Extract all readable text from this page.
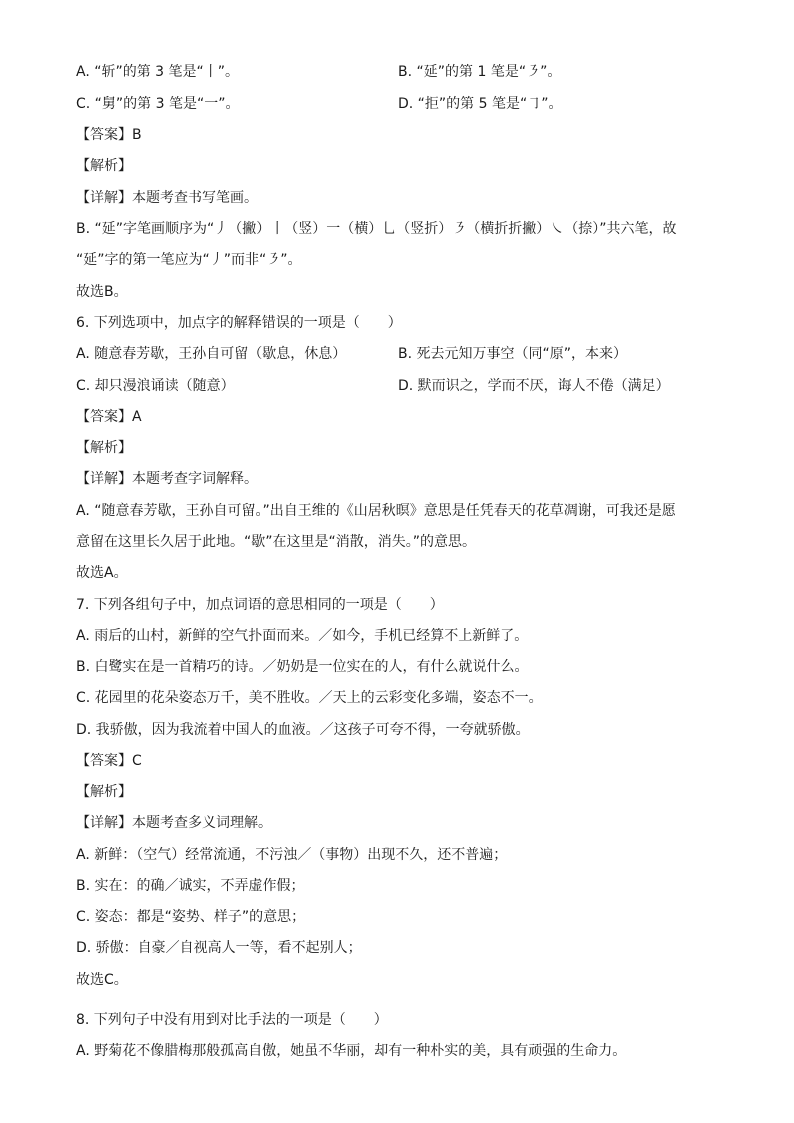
A. “斩”的第 3 笔是“丨”。	B. “延”的第 1 笔是“㇋”。
C. “舅”的第 3 笔是“一”。	D. “拒”的第 5 笔是“㇆”。
【答案】B
【解析】
【详解】本题考查书写笔画。
B. “延”字笔画顺序为“丿（撇）丨（竖）一（横）乚（竖折）㇋（横折折撇）㇏（捺）”共六笔，故
“延”字的第一笔应为“丿”而非“㇋”。
故选B。
6. 下列选项中，加点字的解释错误的一项是（　　）
A. 随意春芳歇，王孙自可留（歇息，休息）	B. 死去元知万事空（同“原”，本来）
C. 却只漫浪诵读（随意）	D. 默而识之，学而不厌，诲人不倦（满足）
【答案】A
【解析】
【详解】本题考查字词解释。
A. “随意春芳歇，王孙自可留。”出自王维的《山居秋暝》意思是任凭春天的花草凋谢，可我还是愿
意留在这里长久居于此地。“歇”在这里是“消散，消失。”的意思。
故选A。
7. 下列各组句子中，加点词语的意思相同的一项是（　　）
A. 雨后的山村，新鲜的空气扑面而来。／如今，手机已经算不上新鲜了。
B. 白鹭实在是一首精巧的诗。／奶奶是一位实在的人，有什么就说什么。
C. 花园里的花朵姿态万千，美不胜收。／天上的云彩变化多端，姿态不一。
D. 我骄傲，因为我流着中国人的血液。／这孩子可夸不得，一夸就骄傲。
【答案】C
【解析】
【详解】本题考查多义词理解。
A. 新鲜：（空气）经常流通，不污浊／（事物）出现不久，还不普遍；
B. 实在：的确／诚实，不弄虚作假；
C. 姿态：都是“姿势、样子”的意思；
D. 骄傲：自豪／自视高人一等，看不起别人；
故选C。
8. 下列句子中没有用到对比手法的一项是（　　）
A. 野菊花不像腊梅那般孤高自傲，她虽不华丽，却有一种朴实的美，具有顽强的生命力。
